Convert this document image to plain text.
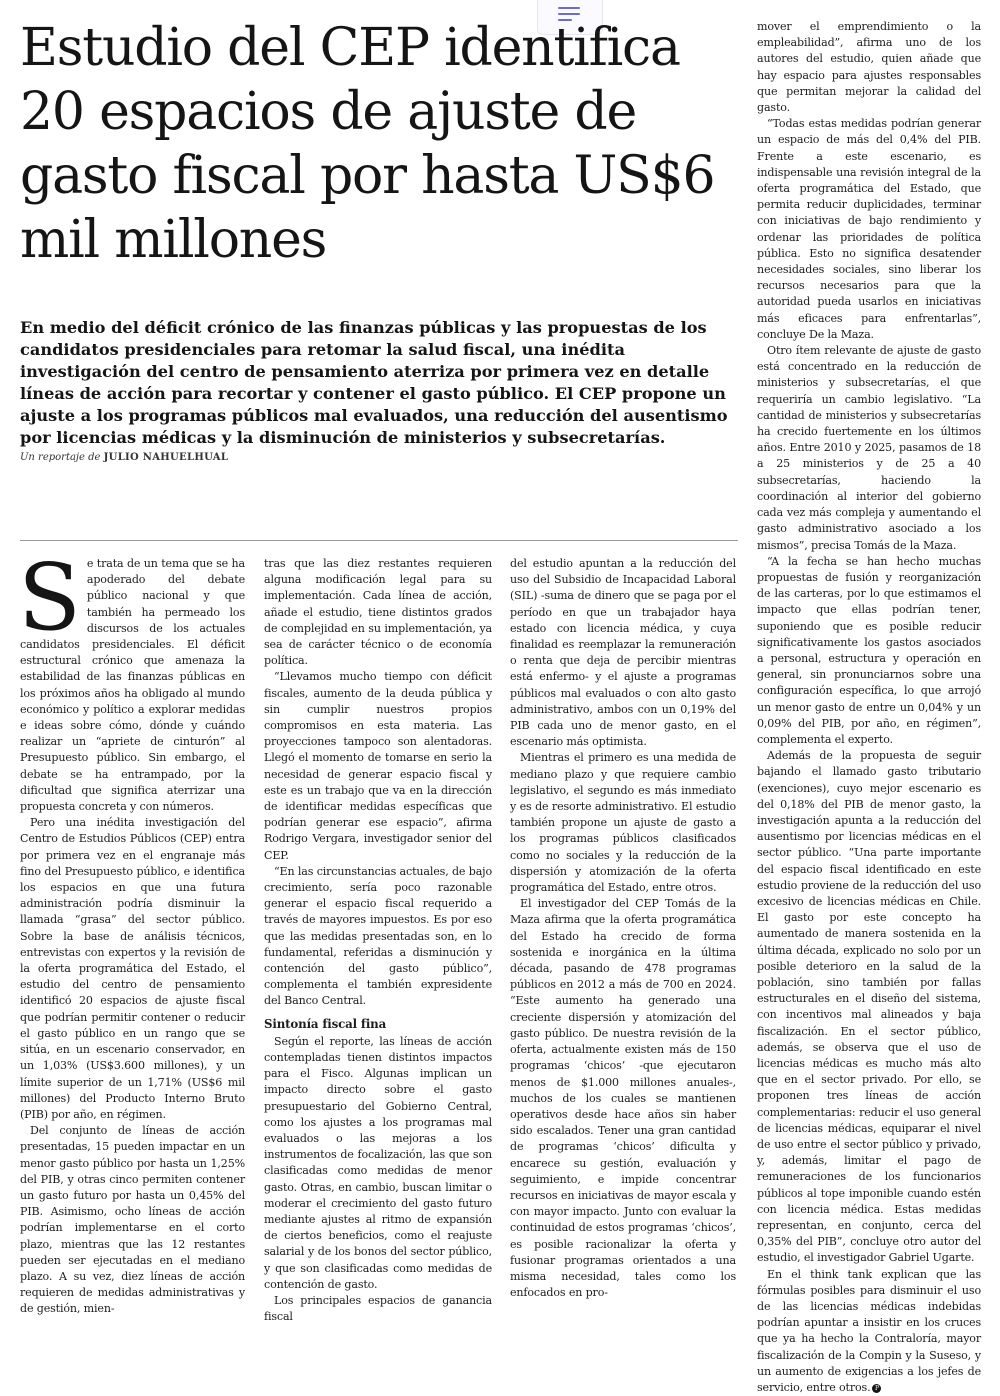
Estudio del CEP identifica 20 espacios de ajuste de gasto fiscal por hasta US$6 mil millones

En medio del déficit crónico de las finanzas públicas y las propuestas de los candidatos presidenciales para retomar la salud fiscal, una inédita investigación del centro de pensamiento aterriza por primera vez en detalle líneas de acción para recortar y contener el gasto público. El CEP propone un ajuste a los programas públicos mal evaluados, una reducción del ausentismo por licencias médicas y la disminución de ministerios y subsecretarías.

Un reportaje de JULIO NAHUELHUAL

Se trata de un tema que se ha apoderado del debate público nacional y que también ha permeado los discursos de los actuales candidatos presidenciales. El déficit estructural crónico que amenaza la estabilidad de las finanzas públicas en los próximos años ha obligado al mundo económico y político a explorar medidas e ideas sobre cómo, dónde y cuándo realizar un “apriete de cinturón” al Presupuesto público. Sin embargo, el debate se ha entrampado, por la dificultad que significa aterrizar una propuesta concreta y con números.

Pero una inédita investigación del Centro de Estudios Públicos (CEP) entra por primera vez en el engranaje más fino del Presupuesto público, e identifica los espacios en que una futura administración podría disminuir la llamada “grasa” del sector público. Sobre la base de análisis técnicos, entrevistas con expertos y la revisión de la oferta programática del Estado, el estudio del centro de pensamiento identificó 20 espacios de ajuste fiscal que podrían permitir contener o reducir el gasto público en un rango que se sitúa, en un escenario conservador, en un 1,03% (US$3.600 millones), y un límite superior de un 1,71% (US$6 mil millones) del Producto Interno Bruto (PIB) por año, en régimen.

Del conjunto de líneas de acción presentadas, 15 pueden impactar en un menor gasto público por hasta un 1,25% del PIB, y otras cinco permiten contener un gasto futuro por hasta un 0,45% del PIB. Asimismo, ocho líneas de acción podrían implementarse en el corto plazo, mientras que las 12 restantes pueden ser ejecutadas en el mediano plazo. A su vez, diez líneas de acción requieren de medidas administrativas y de gestión, mien-

tras que las diez restantes requieren alguna modificación legal para su implementación. Cada línea de acción, añade el estudio, tiene distintos grados de complejidad en su implementación, ya sea de carácter técnico o de economía política.

“Llevamos mucho tiempo con déficit fiscales, aumento de la deuda pública y sin cumplir nuestros propios compromisos en esta materia. Las proyecciones tampoco son alentadoras. Llegó el momento de tomarse en serio la necesidad de generar espacio fiscal y este es un trabajo que va en la dirección de identificar medidas específicas que podrían generar ese espacio”, afirma Rodrigo Vergara, investigador senior del CEP.

“En las circunstancias actuales, de bajo crecimiento, sería poco razonable generar el espacio fiscal requerido a través de mayores impuestos. Es por eso que las medidas presentadas son, en lo fundamental, referidas a disminución y contención del gasto público”, complementa el también expresidente del Banco Central.

Sintonía fiscal fina

Según el reporte, las líneas de acción contempladas tienen distintos impactos para el Fisco. Algunas implican un impacto directo sobre el gasto presupuestario del Gobierno Central, como los ajustes a los programas mal evaluados o las mejoras a los instrumentos de focalización, las que son clasificadas como medidas de menor gasto. Otras, en cambio, buscan limitar o moderar el crecimiento del gasto futuro mediante ajustes al ritmo de expansión de ciertos beneficios, como el reajuste salarial y de los bonos del sector público, y que son clasificadas como medidas de contención de gasto.

Los principales espacios de ganancia fiscal

del estudio apuntan a la reducción del uso del Subsidio de Incapacidad Laboral (SIL) -suma de dinero que se paga por el período en que un trabajador haya estado con licencia médica, y cuya finalidad es reemplazar la remuneración o renta que deja de percibir mientras está enfermo- y el ajuste a programas públicos mal evaluados o con alto gasto administrativo, ambos con un 0,19% del PIB cada uno de menor gasto, en el escenario más optimista.

Mientras el primero es una medida de mediano plazo y que requiere cambio legislativo, el segundo es más inmediato y es de resorte administrativo. El estudio también propone un ajuste de gasto a los programas públicos clasificados como no sociales y la reducción de la dispersión y atomización de la oferta programática del Estado, entre otros.

El investigador del CEP Tomás de la Maza afirma que la oferta programática del Estado ha crecido de forma sostenida e inorgánica en la última década, pasando de 478 programas públicos en 2012 a más de 700 en 2024. “Este aumento ha generado una creciente dispersión y atomización del gasto público. De nuestra revisión de la oferta, actualmente existen más de 150 programas ‘chicos’ -que ejecutaron menos de $1.000 millones anuales-, muchos de los cuales se mantienen operativos desde hace años sin haber sido escalados. Tener una gran cantidad de programas ‘chicos’ dificulta y encarece su gestión, evaluación y seguimiento, e impide concentrar recursos en iniciativas de mayor escala y con mayor impacto. Junto con evaluar la continuidad de estos programas ‘chicos’, es posible racionalizar la oferta y fusionar programas orientados a una misma necesidad, tales como los enfocados en pro-

mover el emprendimiento o la empleabilidad”, afirma uno de los autores del estudio, quien añade que hay espacio para ajustes responsables que permitan mejorar la calidad del gasto.

“Todas estas medidas podrían generar un espacio de más del 0,4% del PIB. Frente a este escenario, es indispensable una revisión integral de la oferta programática del Estado, que permita reducir duplicidades, terminar con iniciativas de bajo rendimiento y ordenar las prioridades de política pública. Esto no significa desatender necesidades sociales, sino liberar los recursos necesarios para que la autoridad pueda usarlos en iniciativas más eficaces para enfrentarlas”, concluye De la Maza.

Otro ítem relevante de ajuste de gasto está concentrado en la reducción de ministerios y subsecretarías, el que requeriría un cambio legislativo. “La cantidad de ministerios y subsecretarías ha crecido fuertemente en los últimos años. Entre 2010 y 2025, pasamos de 18 a 25 ministerios y de 25 a 40 subsecretarías, haciendo la coordinación al interior del gobierno cada vez más compleja y aumentando el gasto administrativo asociado a los mismos”, precisa Tomás de la Maza.

“A la fecha se han hecho muchas propuestas de fusión y reorganización de las carteras, por lo que estimamos el impacto que ellas podrían tener, suponiendo que es posible reducir significativamente los gastos asociados a personal, estructura y operación en general, sin pronunciarnos sobre una configuración específica, lo que arrojó un menor gasto de entre un 0,04% y un 0,09% del PIB, por año, en régimen”, complementa el experto.

Además de la propuesta de seguir bajando el llamado gasto tributario (exenciones), cuyo mejor escenario es del 0,18% del PIB de menor gasto, la investigación apunta a la reducción del ausentismo por licencias médicas en el sector público. “Una parte importante del espacio fiscal identificado en este estudio proviene de la reducción del uso excesivo de licencias médicas en Chile. El gasto por este concepto ha aumentado de manera sostenida en la última década, explicado no solo por un posible deterioro en la salud de la población, sino también por fallas estructurales en el diseño del sistema, con incentivos mal alineados y baja fiscalización. En el sector público, además, se observa que el uso de licencias médicas es mucho más alto que en el sector privado. Por ello, se proponen tres líneas de acción complementarias: reducir el uso general de licencias médicas, equiparar el nivel de uso entre el sector público y privado, y, además, limitar el pago de remuneraciones de los funcionarios públicos al tope imponible cuando estén con licencia médica. Estas medidas representan, en conjunto, cerca del 0,35% del PIB”, concluye otro autor del estudio, el investigador Gabriel Ugarte.

En el think tank explican que las fórmulas posibles para disminuir el uso de las licencias médicas indebidas podrían apuntar a insistir en los cruces que ya ha hecho la Contraloría, mayor fiscalización de la Compin y la Suseso, y un aumento de exigencias a los jefes de servicio, entre otros. P
